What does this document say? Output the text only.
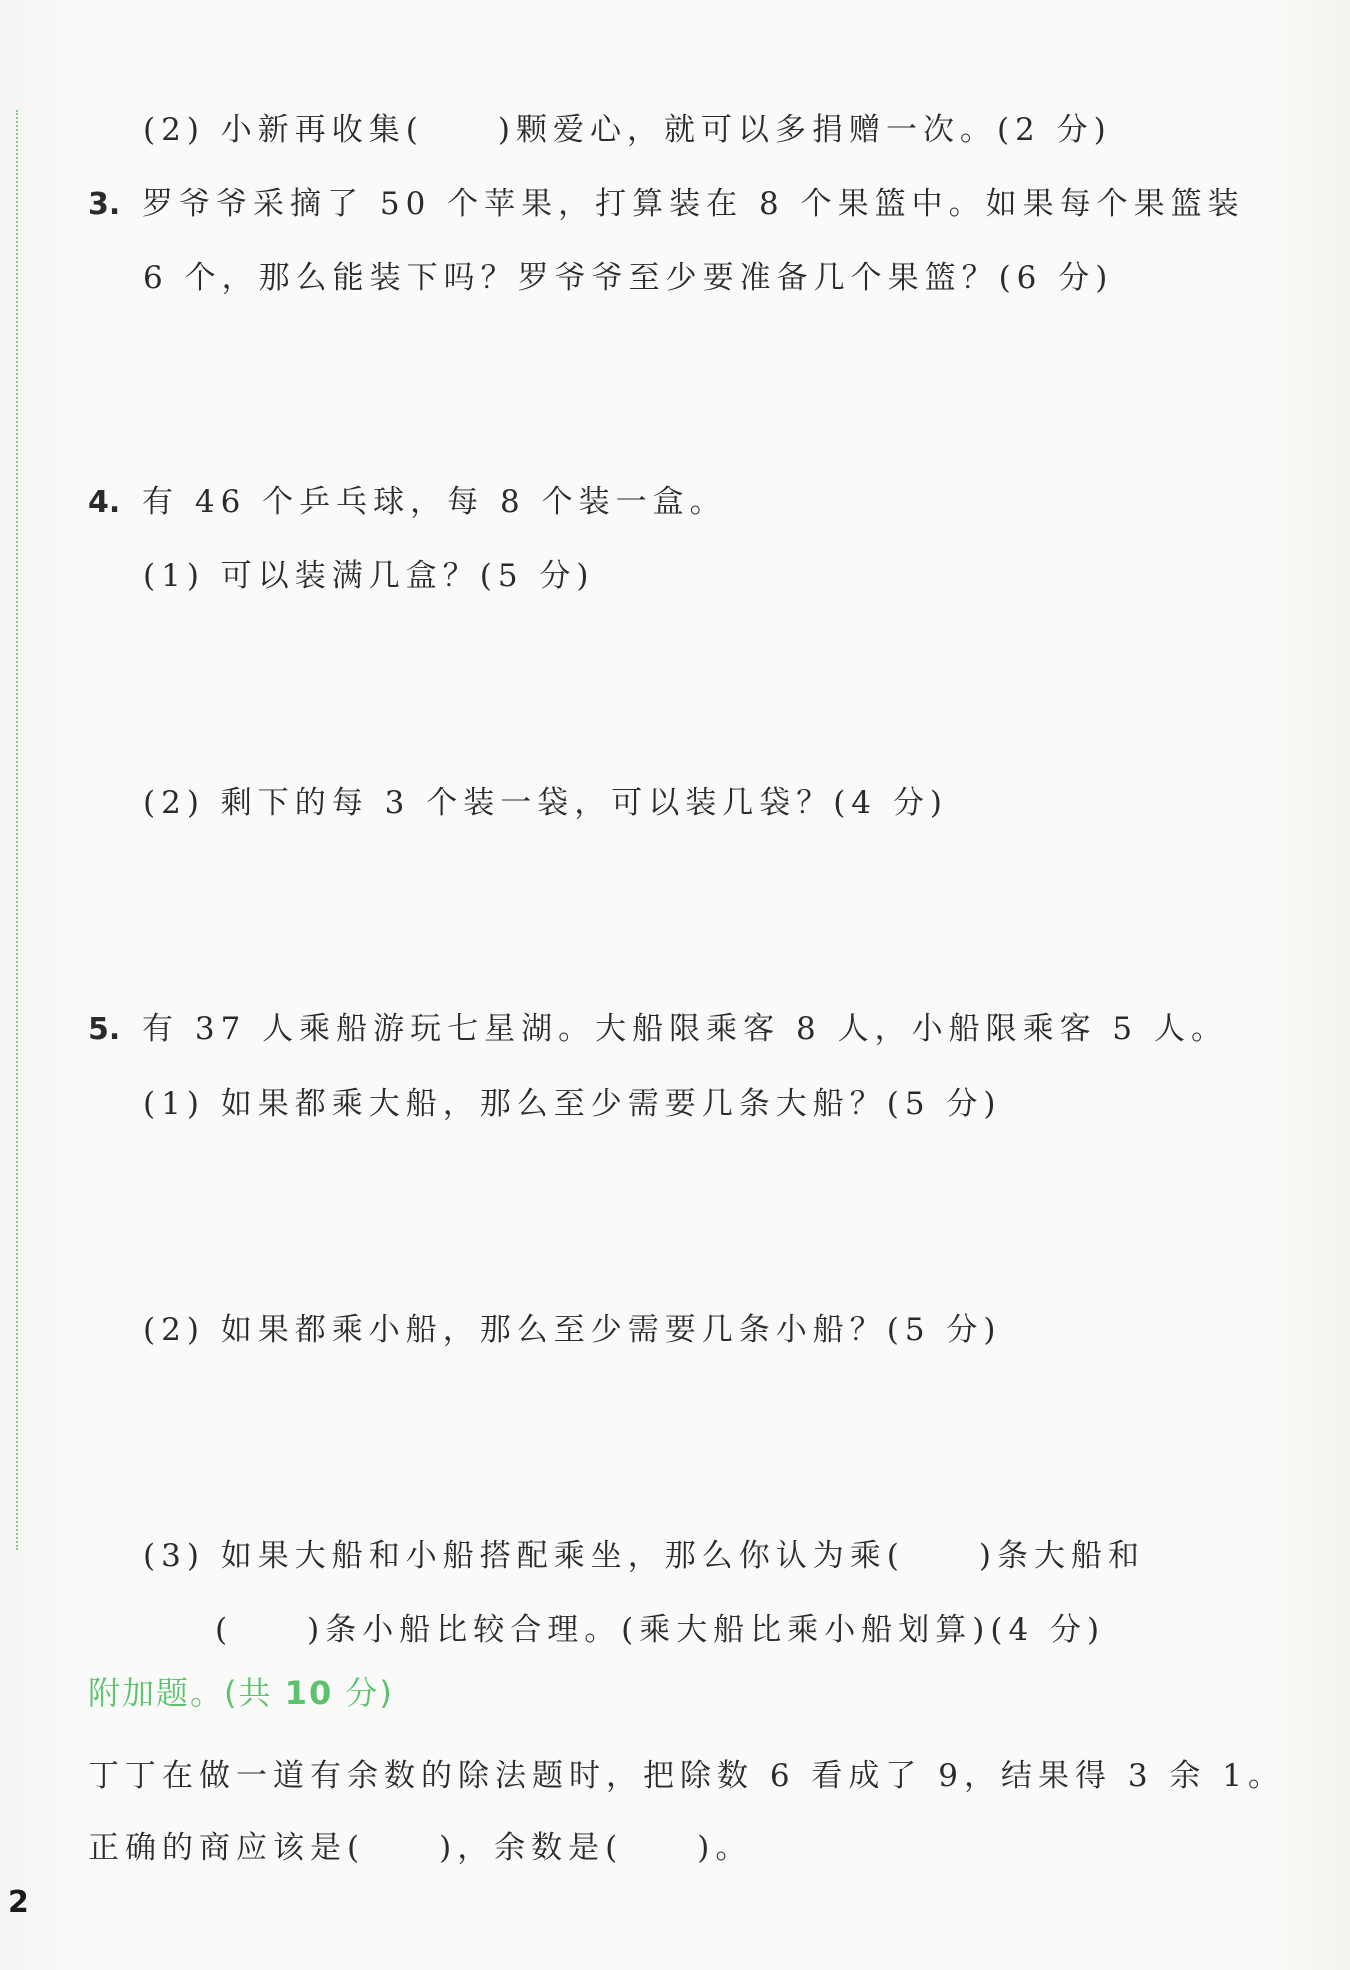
(2) 小新再收集(　　)颗爱心，就可以多捐赠一次。(2 分)
3. 罗爷爷采摘了 50 个苹果，打算装在 8 个果篮中。如果每个果篮装
6 个，那么能装下吗？罗爷爷至少要准备几个果篮？(6 分)
4. 有 46 个乒乓球，每 8 个装一盒。
(1) 可以装满几盒？(5 分)
(2) 剩下的每 3 个装一袋，可以装几袋？(4 分)
5. 有 37 人乘船游玩七星湖。大船限乘客 8 人，小船限乘客 5 人。
(1) 如果都乘大船，那么至少需要几条大船？(5 分)
(2) 如果都乘小船，那么至少需要几条小船？(5 分)
(3) 如果大船和小船搭配乘坐，那么你认为乘(　　)条大船和
(　　)条小船比较合理。(乘大船比乘小船划算)(4 分)
附加题。(共 10 分)
丁丁在做一道有余数的除法题时，把除数 6 看成了 9，结果得 3 余 1。
正确的商应该是(　　)，余数是(　　)。
2
